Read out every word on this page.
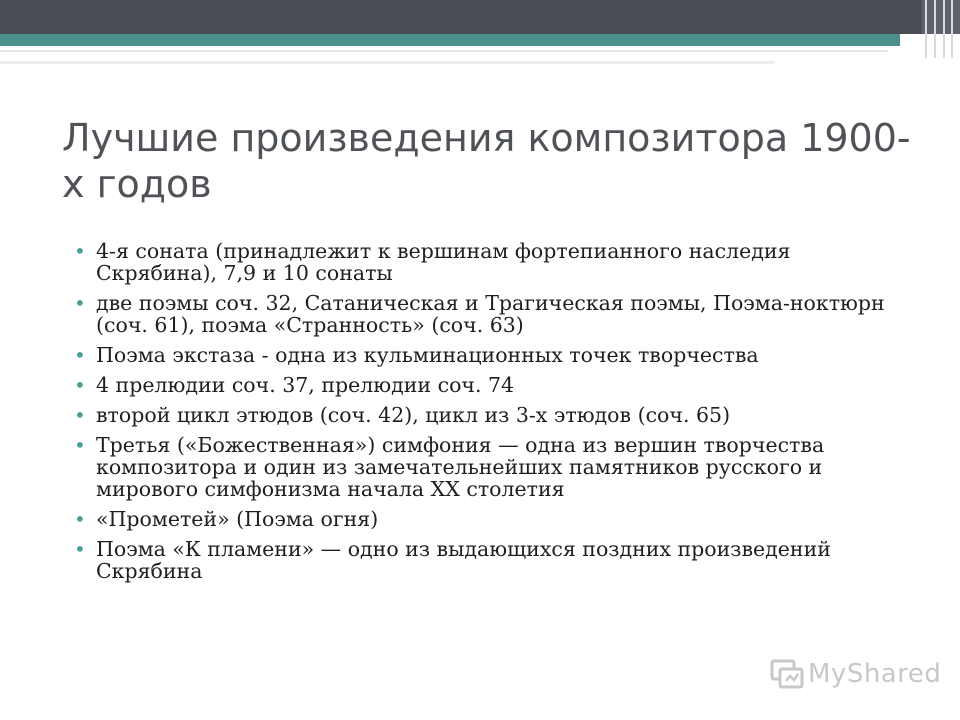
Лучшие произведения композитора 1900-х годов
• 4-я соната (принадлежит к вершинам фортепианного наследия Скрябина), 7,9 и 10 сонаты
• две поэмы соч. 32, Сатаническая и Трагическая поэмы, Поэма-ноктюрн (соч. 61), поэма «Странность» (соч. 63)
• Поэма экстаза - одна из кульминационных точек творчества
• 4 прелюдии соч. 37, прелюдии соч. 74
• второй цикл этюдов (соч. 42), цикл из 3-х этюдов (соч. 65)
• Третья («Божественная») симфония — одна из вершин творчества композитора и один из замечательнейших памятников русского и мирового симфонизма начала XX столетия
• «Прометей» (Поэма огня)
• Поэма «К пламени» — одно из выдающихся поздних произведений Скрябина
MyShared
